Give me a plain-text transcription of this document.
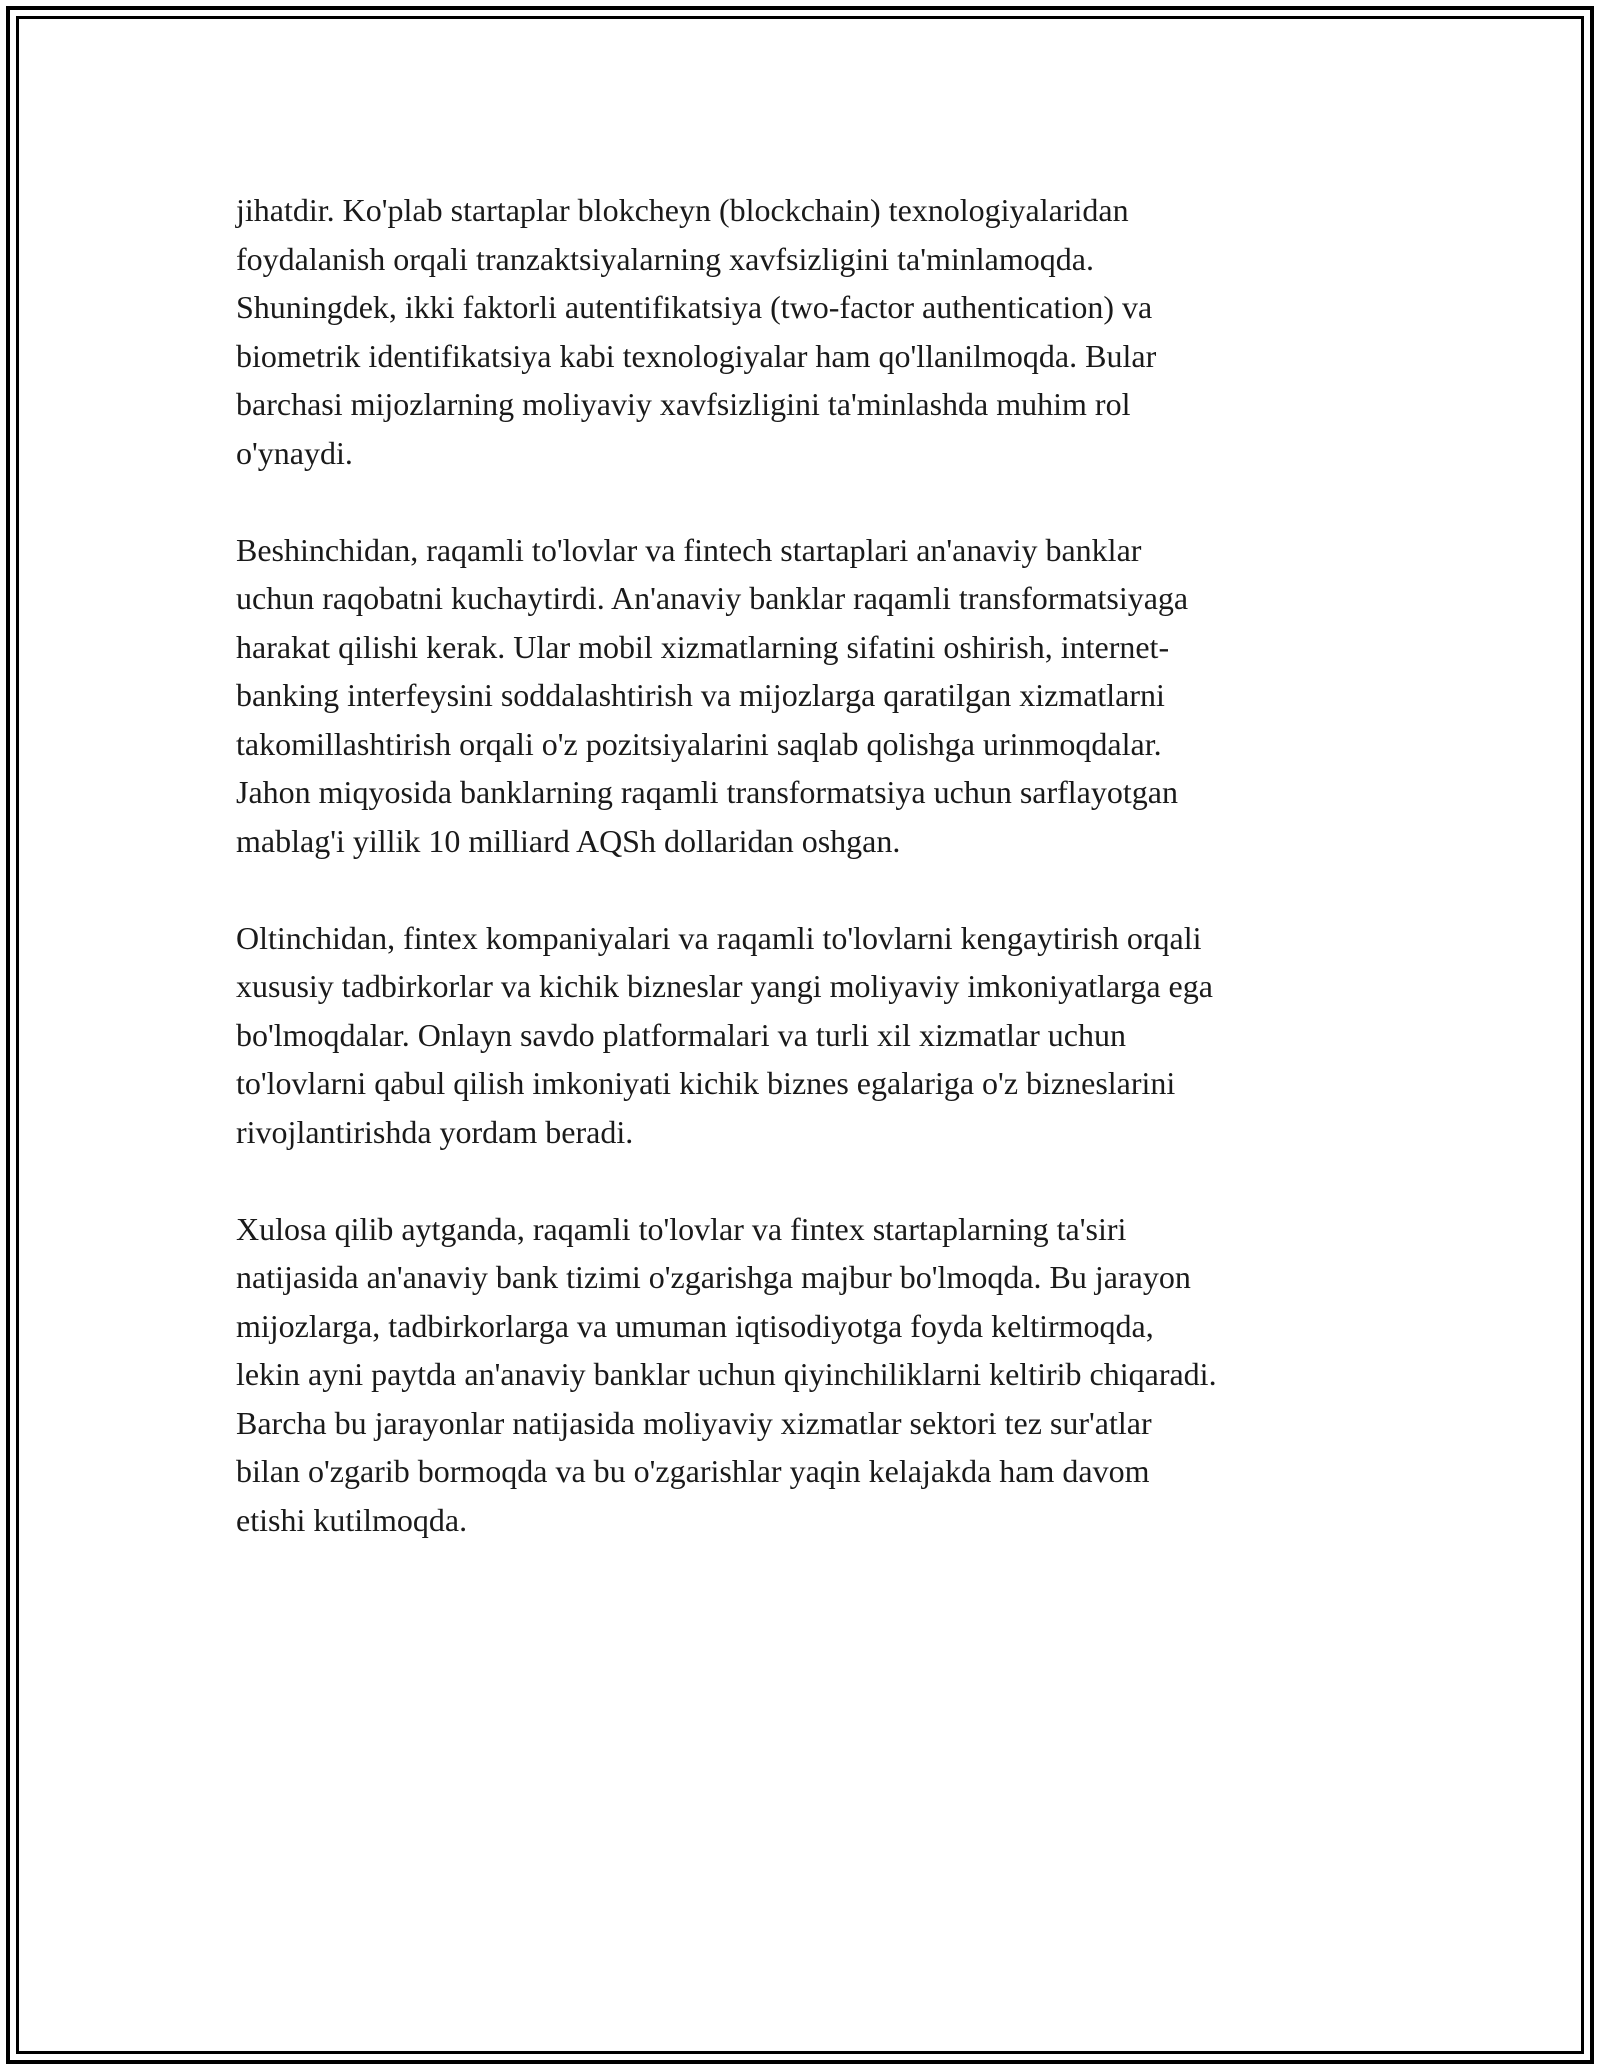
jihatdir. Ko'plab startaplar blokcheyn (blockchain) texnologiyalaridan
foydalanish orqali tranzaktsiyalarning xavfsizligini ta'minlamoqda.
Shuningdek, ikki faktorli autentifikatsiya (two-factor authentication) va
biometrik identifikatsiya kabi texnologiyalar ham qo'llanilmoqda. Bular
barchasi mijozlarning moliyaviy xavfsizligini ta'minlashda muhim rol
o'ynaydi.

Beshinchidan, raqamli to'lovlar va fintech startaplari an'anaviy banklar
uchun raqobatni kuchaytirdi. An'anaviy banklar raqamli transformatsiyaga
harakat qilishi kerak. Ular mobil xizmatlarning sifatini oshirish, internet-
banking interfeysini soddalashtirish va mijozlarga qaratilgan xizmatlarni
takomillashtirish orqali o'z pozitsiyalarini saqlab qolishga urinmoqdalar.
Jahon miqyosida banklarning raqamli transformatsiya uchun sarflayotgan
mablag'i yillik 10 milliard AQSh dollaridan oshgan.

Oltinchidan, fintex kompaniyalari va raqamli to'lovlarni kengaytirish orqali
xususiy tadbirkorlar va kichik bizneslar yangi moliyaviy imkoniyatlarga ega
bo'lmoqdalar. Onlayn savdo platformalari va turli xil xizmatlar uchun
to'lovlarni qabul qilish imkoniyati kichik biznes egalariga o'z bizneslarini
rivojlantirishda yordam beradi.

Xulosa qilib aytganda, raqamli to'lovlar va fintex startaplarning ta'siri
natijasida an'anaviy bank tizimi o'zgarishga majbur bo'lmoqda. Bu jarayon
mijozlarga, tadbirkorlarga va umuman iqtisodiyotga foyda keltirmoqda,
lekin ayni paytda an'anaviy banklar uchun qiyinchiliklarni keltirib chiqaradi.
Barcha bu jarayonlar natijasida moliyaviy xizmatlar sektori tez sur'atlar
bilan o'zgarib bormoqda va bu o'zgarishlar yaqin kelajakda ham davom
etishi kutilmoqda.
